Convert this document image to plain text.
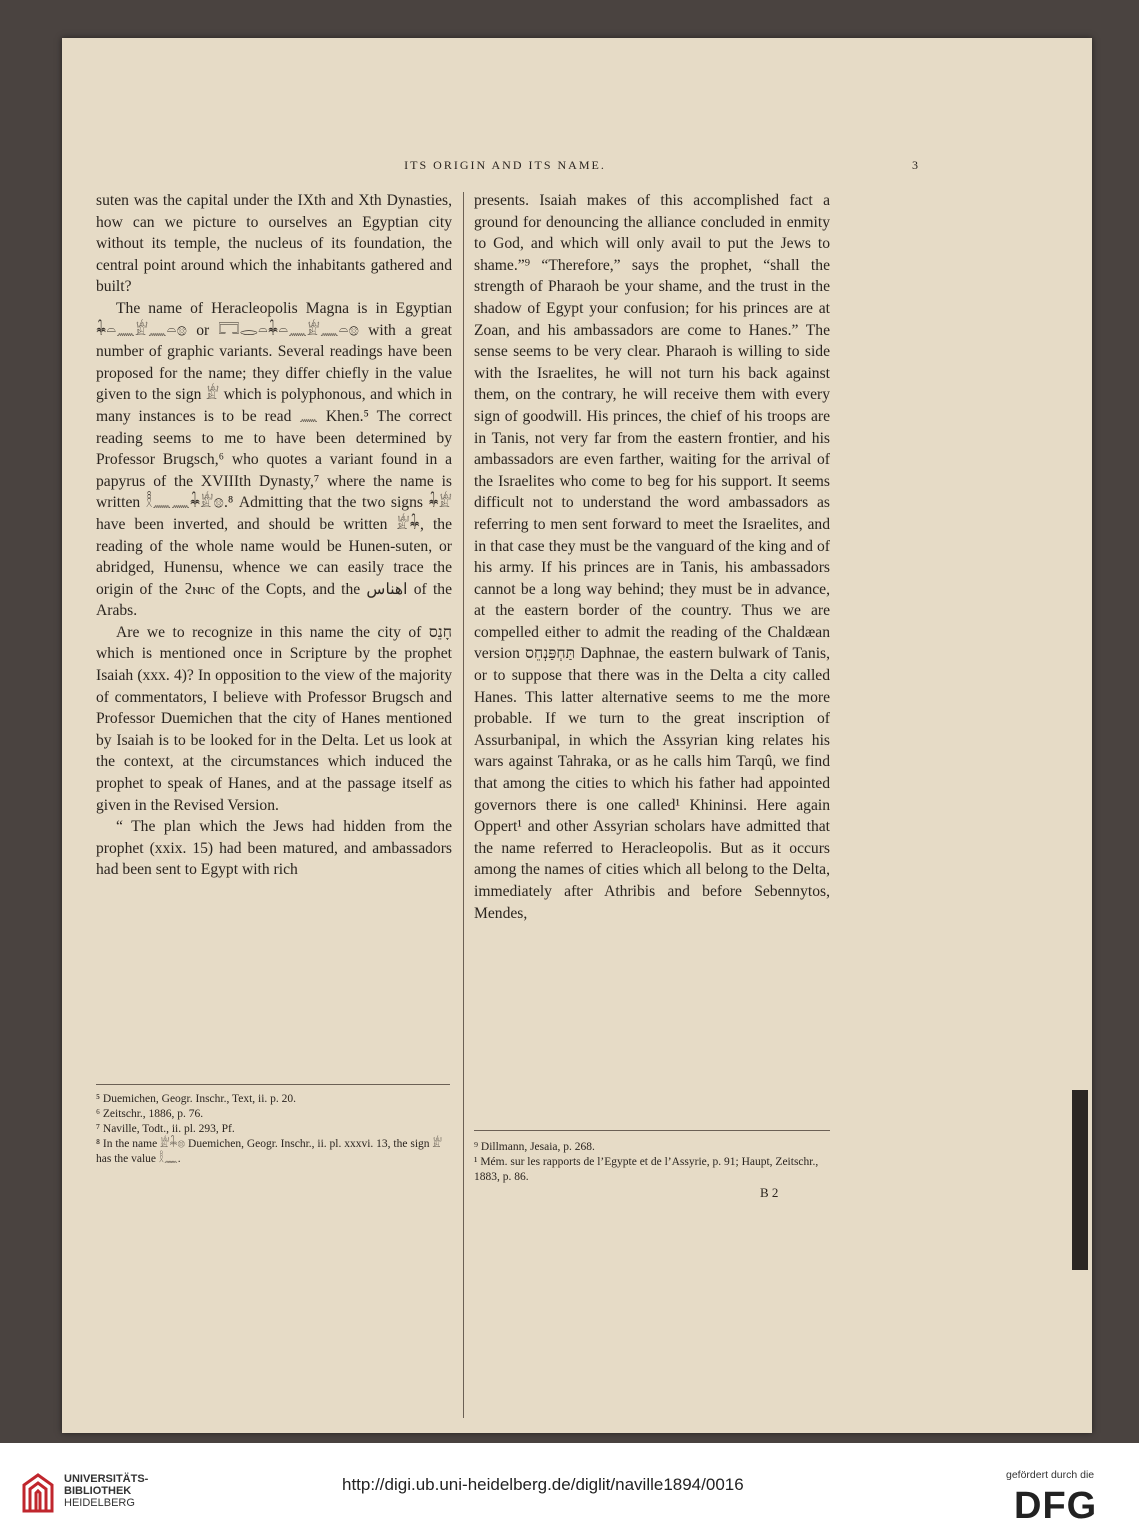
ITS ORIGIN AND ITS NAME.	3

suten was the capital under the IXth and Xth Dynasties, how can we picture to ourselves an Egyptian city without its temple, the nucleus of its foundation, the central point around which the inhabitants gathered and built?

The name of Heracleopolis Magna is in Egyptian 𓇓𓏏𓈖𓁨𓈖𓏏𓊖 or 𓉐𓂋𓏏𓇓𓏏𓈖𓁨𓈖𓏏𓊖 with a great number of graphic variants. Several readings have been proposed for the name; they differ chiefly in the value given to the sign 𓁨 which is polyphonous, and which in many instances is to be read 𓈖 Khen.⁵ The correct reading seems to me to have been determined by Professor Brugsch,⁶ who quotes a variant found in a papyrus of the XVIIIth Dynasty,⁷ where the name is written 𓎛𓈖𓈖𓇓𓁨𓊖.⁸ Admitting that the two signs 𓇓𓁨 have been inverted, and should be written 𓁨𓇓, the reading of the whole name would be Hunen-suten, or abridged, Hunensu, whence we can easily trace the origin of the ϩⲛⲏⲥ of the Copts, and the اهناس of the Arabs.

Are we to recognize in this name the city of חָנֵס which is mentioned once in Scripture by the prophet Isaiah (xxx. 4)? In opposition to the view of the majority of commentators, I believe with Professor Brugsch and Professor Duemichen that the city of Hanes mentioned by Isaiah is to be looked for in the Delta. Let us look at the context, at the circumstances which induced the prophet to speak of Hanes, and at the passage itself as given in the Revised Version.

“ The plan which the Jews had hidden from the prophet (xxix. 15) had been matured, and ambassadors had been sent to Egypt with rich

presents. Isaiah makes of this accomplished fact a ground for denouncing the alliance concluded in enmity to God, and which will only avail to put the Jews to shame.”⁹ “Therefore,” says the prophet, “shall the strength of Pharaoh be your shame, and the trust in the shadow of Egypt your confusion; for his princes are at Zoan, and his ambassadors are come to Hanes.” The sense seems to be very clear. Pharaoh is willing to side with the Israelites, he will not turn his back against them, on the contrary, he will receive them with every sign of goodwill. His princes, the chief of his troops are in Tanis, not very far from the eastern frontier, and his ambassadors are even farther, waiting for the arrival of the Israelites who come to beg for his support. It seems difficult not to understand the word ambassadors as referring to men sent forward to meet the Israelites, and in that case they must be the vanguard of the king and of his army. If his princes are in Tanis, his ambassadors cannot be a long way behind; they must be in advance, at the eastern border of the country. Thus we are compelled either to admit the reading of the Chaldæan version תַּחְפַּנְחֵס Daphnae, the eastern bulwark of Tanis, or to suppose that there was in the Delta a city called Hanes. This latter alternative seems to me the more probable. If we turn to the great inscription of Assurbanipal, in which the Assyrian king relates his wars against Tahraka, or as he calls him Tarqû, we find that among the cities to which his father had appointed governors there is one called¹ Khininsi. Here again Oppert¹ and other Assyrian scholars have admitted that the name referred to Heracleopolis. But as it occurs among the names of cities which all belong to the Delta, immediately after Athribis and before Sebennytos, Mendes,

⁵ Duemichen, Geogr. Inschr., Text, ii. p. 20.
⁶ Zeitschr., 1886, p. 76.
⁷ Naville, Todt., ii. pl. 293, Pf.
⁸ In the name 𓁨𓇓𓊖 Duemichen, Geogr. Inschr., ii. pl. xxxvi. 13, the sign 𓁨 has the value 𓎛𓈖.
⁹ Dillmann, Jesaia, p. 268.
¹ Mém. sur les rapports de l’Egypte et de l’Assyrie, p. 91; Haupt, Zeitschr., 1883, p. 86.
B 2
UNIVERSITÄTS-
BIBLIOTHEK
HEIDELBERG
http://digi.ub.uni-heidelberg.de/diglit/naville1894/0016	gefördert durch die
DFG
